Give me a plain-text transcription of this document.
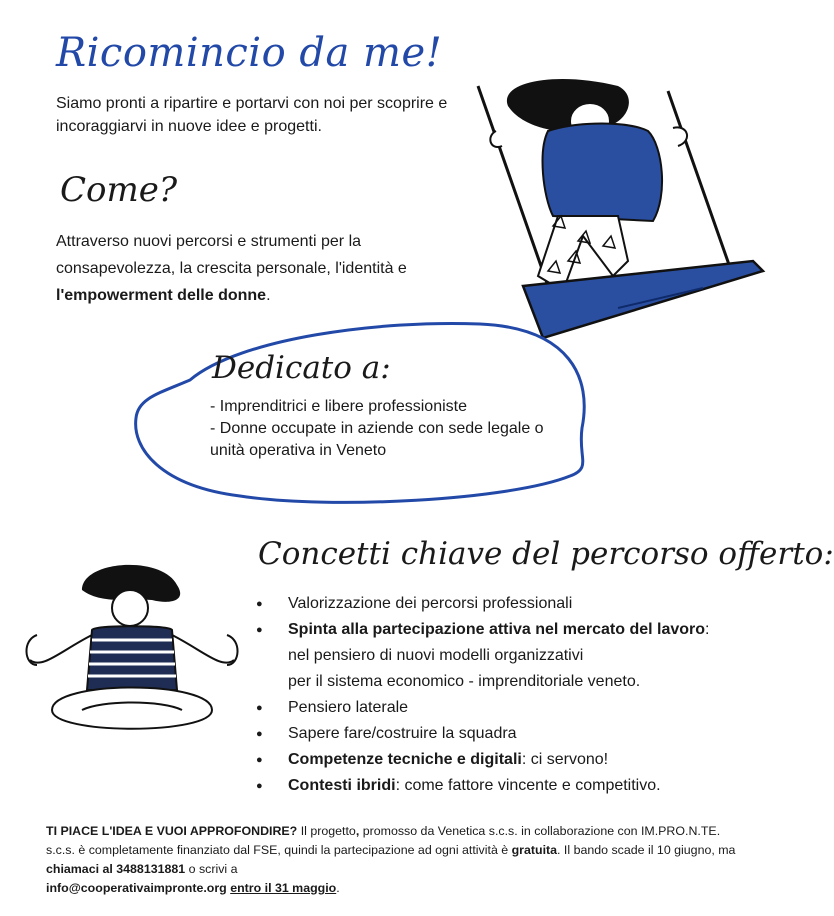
Ricomincio da me!

Siamo pronti a ripartire e portarvi con noi per scoprire e incoraggiarvi in nuove idee e progetti.

Come?

Attraverso nuovi percorsi e strumenti per la consapevolezza, la crescita personale, l'identità e l'empowerment delle donne.

Dedicato a:
- Imprenditrici e libere professioniste
- Donne occupate in aziende con sede legale o unità operativa in Veneto
Concetti chiave del percorso offerto:
● Valorizzazione dei percorsi professionali
● Spinta alla partecipazione attiva nel mercato del lavoro:
nel pensiero di nuovi modelli organizzativi
per il sistema economico - imprenditoriale veneto.
● Pensiero laterale
● Sapere fare/costruire la squadra
● Competenze tecniche e digitali: ci servono!
● Contesti ibridi: come fattore vincente e competitivo.

TI PIACE L'IDEA E VUOI APPROFONDIRE? Il progetto, promosso da Venetica s.c.s. in collaborazione con IM.PRO.N.TE. s.c.s. è completamente finanziato dal FSE, quindi la partecipazione ad ogni attività è gratuita. Il bando scade il 10 giugno, ma chiamaci al 3488131881 o scrivi a
info@cooperativaimpronte.org entro il 31 maggio.
